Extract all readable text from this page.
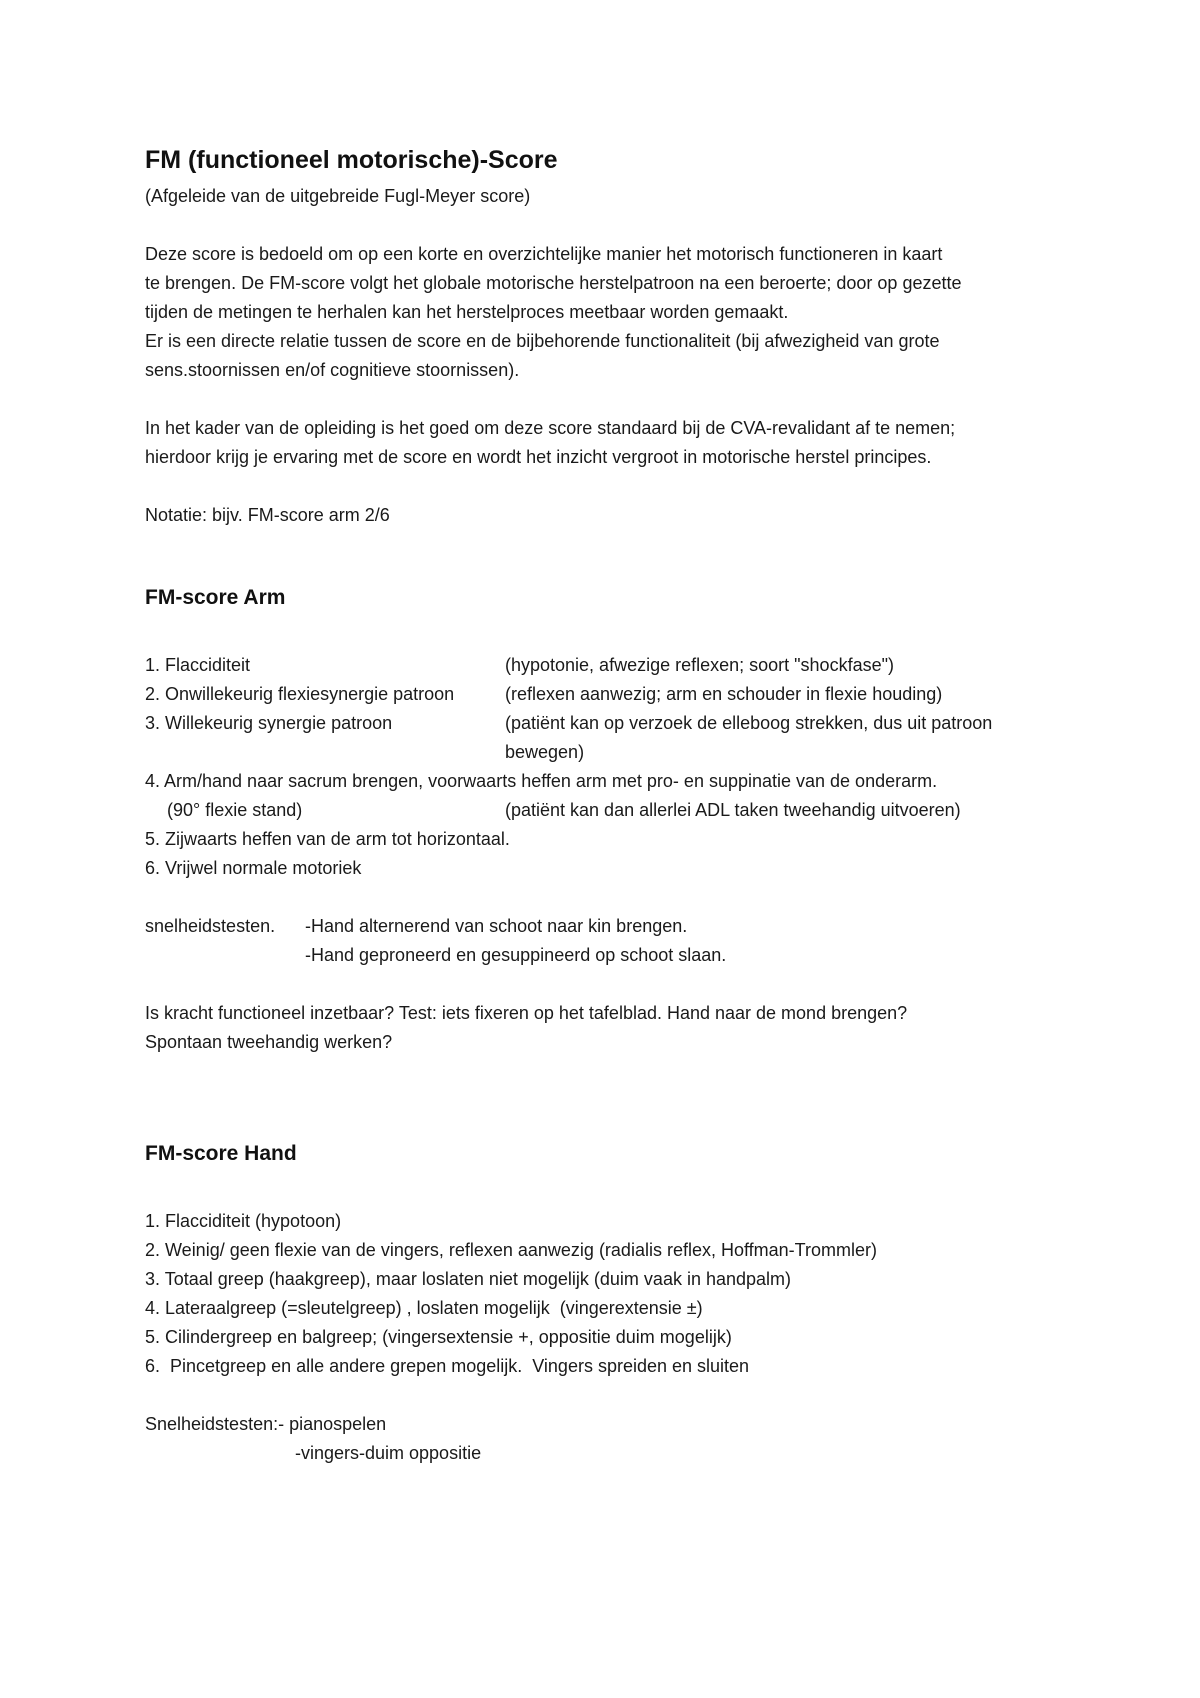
FM (functioneel motorische)-Score

(Afgeleide van de uitgebreide Fugl-Meyer score)

Deze score is bedoeld om op een korte en overzichtelijke manier het motorisch functioneren in kaart

te brengen. De FM-score volgt het globale motorische herstelpatroon na een beroerte; door op gezette

tijden de metingen te herhalen kan het herstelproces meetbaar worden gemaakt.

Er is een directe relatie tussen de score en de bijbehorende functionaliteit (bij afwezigheid van grote

sens.stoornissen en/of cognitieve stoornissen).

In het kader van de opleiding is het goed om deze score standaard bij de CVA-revalidant af te nemen;

hierdoor krijg je ervaring met de score en wordt het inzicht vergroot in motorische herstel principes.

Notatie: bijv. FM-score arm 2/6

FM-score Arm
1. Flacciditeit	(hypotonie, afwezige reflexen; soort "shockfase")
2. Onwillekeurig flexiesynergie patroon	(reflexen aanwezig; arm en schouder in flexie houding)
3. Willekeurig synergie patroon	(patiënt kan op verzoek de elleboog strekken, dus uit patroon
bewegen)

4. Arm/hand naar sacrum brengen, voorwaarts heffen arm met pro- en suppinatie van de onderarm.

(90° flexie stand)	(patiënt kan dan allerlei ADL taken tweehandig uitvoeren)

5. Zijwaarts heffen van de arm tot horizontaal.

6. Vrijwel normale motoriek

snelheidstesten.	-Hand alternerend van schoot naar kin brengen.
-Hand geproneerd en gesuppineerd op schoot slaan.

Is kracht functioneel inzetbaar? Test: iets fixeren op het tafelblad. Hand naar de mond brengen?

Spontaan tweehandig werken?

FM-score Hand

1. Flacciditeit (hypotoon)

2. Weinig/ geen flexie van de vingers, reflexen aanwezig (radialis reflex, Hoffman-Trommler)

3. Totaal greep (haakgreep), maar loslaten niet mogelijk (duim vaak in handpalm)

4. Lateraalgreep (=sleutelgreep) , loslaten mogelijk  (vingerextensie ±)

5. Cilindergreep en balgreep; (vingersextensie +, oppositie duim mogelijk)

6.  Pincetgreep en alle andere grepen mogelijk.  Vingers spreiden en sluiten

Snelheidstesten: - pianospelen
-vingers-duim oppositie
